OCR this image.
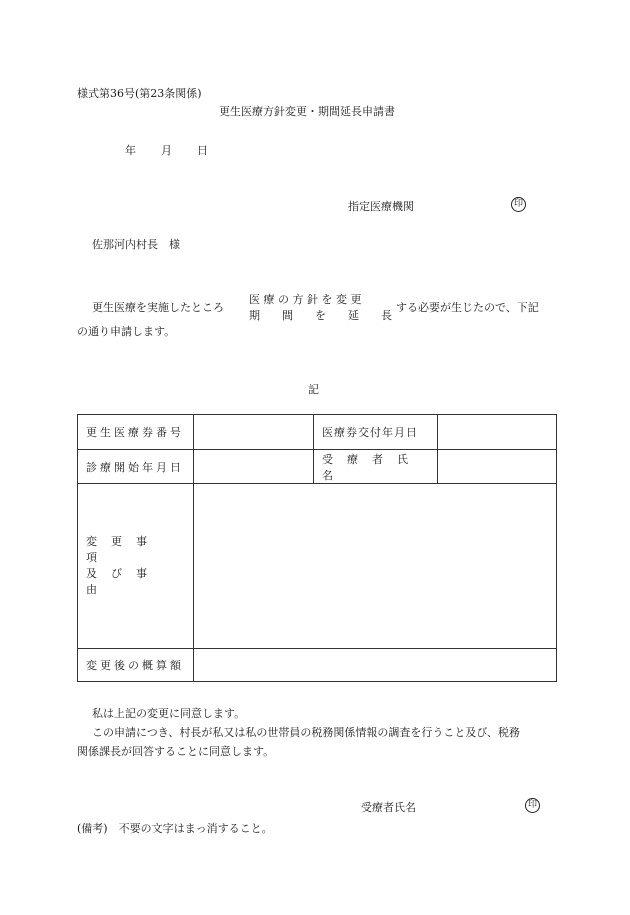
様式第36号(第23条関係)
更生医療方針変更・期間延長申請書
年 月 日
指定医療機関	印
佐那河内村長　様
更生医療を実施したところ
医 療 の 方 針 を 変 更
期　　間　　を　　延　　長
する必要が生じたので、下記
の通り申請します。
記
更生医療券番号		医療券交付年月日	
診療開始年月日		受療者氏名	

変更事項
及び事由			

変更後の概算額			
私は上記の変更に同意します。
この申請につき、村長が私又は私の世帯員の税務関係情報の調査を行うこと及び、税務
関係課長が回答することに同意します。
受療者氏名	印
(備考)　不要の文字はまっ消すること。
